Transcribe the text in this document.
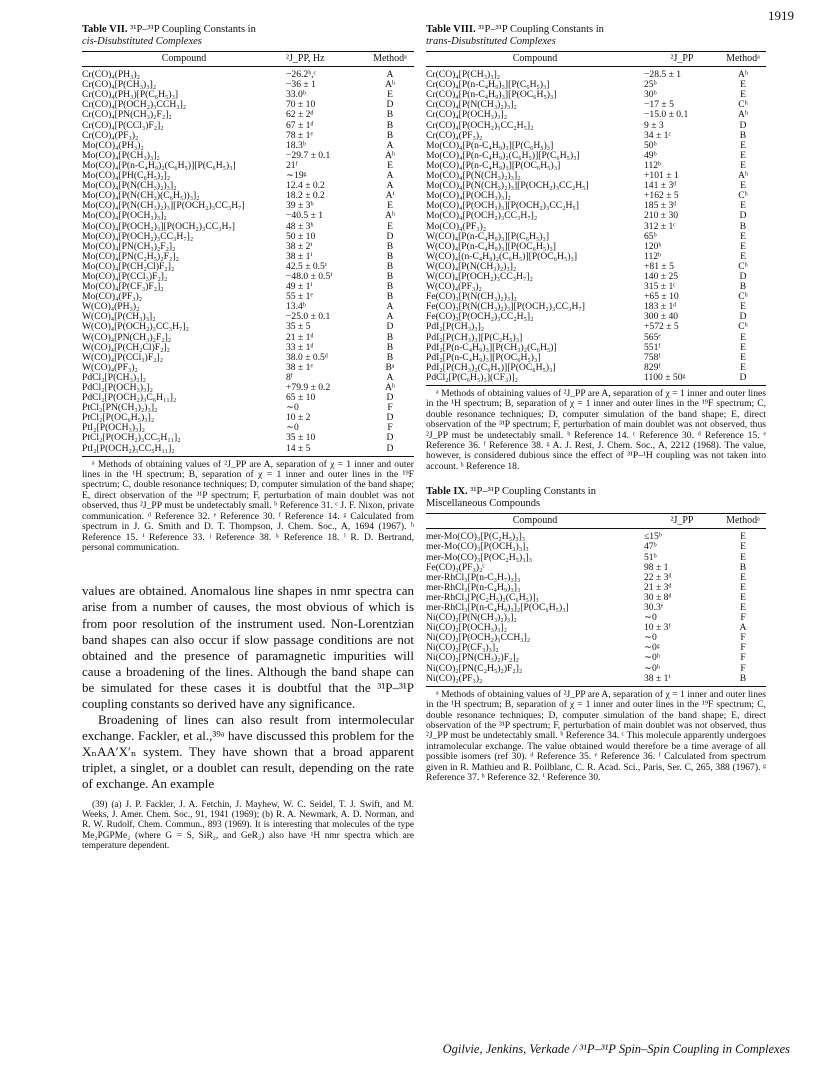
1919
Table VII. ³¹P–³¹P Coupling Constants in
cis-Disubstituted Complexes
Compound	²J_PP, Hz	Methodᵃ
Cr(CO)₄(PH₃)₂	−26.2ᵇ,ᶜ	A
Cr(CO)₄[P(CH₃)₃]₂	−36 ± 1	Aʰ
Cr(CO)₄(PH₃)[P(C₆H₅)₃]	33.0ᵇ	E
Cr(CO)₄[P(OCH₂)₃CCH₃]₂	70 ± 10	D
Cr(CO)₄[PN(CH₃)₂F₂]₂	62 ± 2ᵈ	B
Cr(CO)₄[P(CCl₃)F₂]₂	67 ± 1ᵈ	B
Cr(CO)₄(PF₃)₂	78 ± 1ᵉ	B
Mo(CO)₄(PH₃)₂	18.3ᵇ	A
Mo(CO)₄[P(CH₃)₃]₂	−29.7 ± 0.1	Aʰ
Mo(CO)₄[P(n-C₄H₉)₂(C₆H₅)][P(C₆H₅)₃]	21ᶠ	E
Mo(CO)₄[PH(C₆H₅)₂]₂	∼19ᵍ	A
Mo(CO)₄[P(N(CH₃)₂)₃]₂	12.4 ± 0.2	A
Mo(CO)₄[P(N(CH₃)(C₆H₅))₃]₂	18.2 ± 0.2	Aⁱ
Mo(CO)₄[P(N(CH₃)₂)₃][P(OCH₂)₃CC₃H₇]	39 ± 3ᵇ	E
Mo(CO)₄[P(OCH₃)₃]₂	−40.5 ± 1	Aʰ
Mo(CO)₄[P(OCH₂)₃][P(OCH₂)₃CC₃H₇]	48 ± 3ᵇ	E
Mo(CO)₄[P(OCH₂)₃CC₃H₇]₂	50 ± 10	D
Mo(CO)₄[PN(CH₃)₂F₂]₂	38 ± 2ⁱ	B
Mo(CO)₄[PN(C₂H₅)₂F₂]₂	38 ± 1ⁱ	B
Mo(CO)₄[P(CH₂Cl)F₂]₂	42.5 ± 0.5ⁱ	B
Mo(CO)₄[P(CCl₃)F₂]₂	−48.0 ± 0.5ⁱ	B
Mo(CO)₄[P(CF₃)F₂]₂	49 ± 1ⁱ	B
Mo(CO)₄(PF₃)₂	55 ± 1ᵉ	B
W(CO)₄(PH₃)₂	13.4ᵇ	A
W(CO)₄[P(CH₃)₃]₂	−25.0 ± 0.1	A
W(CO)₄[P(OCH₂)₃CC₃H₇]₂	35 ± 5	D
W(CO)₄[PN(CH₃)₂F₂]₂	21 ± 1ᵈ	B
W(CO)₄[P(CH₂Cl)F₂]₂	33 ± 1ᵈ	B
W(CO)₄[P(CCl₃)F₂]₂	38.0 ± 0.5ᵈ	B
W(CO)₄(PF₃)₂	38 ± 1ᵉ	Bᵃ
PdCl₂[P(CH₃)₃]₂	8ᶠ	A
PdCl₂[P(OCH₃)₃]₂	+79.9 ± 0.2	Aʰ
PdCl₂[P(OCH₂)₃C₆H₁₁]₂	65 ± 10	D
PtCl₂[PN(CH₃)₂)₃]₂	∼0	F
PtCl₂[P(OC₆H₅)₃]₂	10 ± 2	D
PtI₂[P(OCH₃)₃]₂	∼0	F
PtCl₂[P(OCH₂)₃CC₅H₁₁]₂	35 ± 10	D
PtI₂[P(OCH₂)₃CC₅H₁₁]₂	14 ± 5	D
ᵃ Methods of obtaining values of ²J_PP are A, separation of χ = 1 inner and outer lines in the ¹H spectrum; B, separation of χ = 1 inner and outer lines in the ¹⁹F spectrum; C, double resonance techniques; D, computer simulation of the band shape; E, direct observation of the ³¹P spectrum; F, perturbation of main doublet was not observed, thus ²J_PP must be undetectably small. ᵇ Reference 31. ᶜ J. F. Nixon, private communication. ᵈ Reference 32. ᵉ Reference 30. ᶠ Reference 14. ᵍ Calculated from spectrum in J. G. Smith and D. T. Thompson, J. Chem. Soc., A, 1694 (1967). ʰ Reference 15. ⁱ Reference 33. ʲ Reference 38. ᵏ Reference 18. ˡ R. D. Bertrand, personal communication.

values are obtained. Anomalous line shapes in nmr spectra can arise from a number of causes, the most obvious of which is from poor resolution of the instrument used. Non-Lorentzian band shapes can also occur if slow passage conditions are not obtained and the presence of paramagnetic impurities will cause a broadening of the lines. Although the band shape can be simulated for these cases it is doubtful that the ³¹P–³¹P coupling constants so derived have any significance.

Broadening of lines can also result from intermolecular exchange. Fackler, et al.,³⁹ᵃ have discussed this problem for the XₙAA′X′ₙ system. They have shown that a broad apparent triplet, a singlet, or a doublet can result, depending on the rate of exchange. An example

(39) (a) J. P. Fackler, J. A. Fetchin, J. Mayhew, W. C. Seidel, T. J. Swift, and M. Weeks, J. Amer. Chem. Soc., 91, 1941 (1969); (b) R. A. Newmark, A. D. Norman, and R. W. Rudolf, Chem. Commun., 893 (1969). It is interesting that molecules of the type Me₂PGPMe₂ (where G = S, SiR₂, and GeR₂) also have ¹H nmr spectra which are temperature dependent.
Table VIII. ³¹P–³¹P Coupling Constants in
trans-Disubstituted Complexes
Compound	²J_PP	Methodᵃ
Cr(CO)₄[P(CH₃)₃]₂	−28.5 ± 1	Aʰ
Cr(CO)₄[P(n-C₄H₉)₃][P(C₆H₅)₃]	25ᵇ	E
Cr(CO)₄[P(n-C₄H₉)₃][P(OC₆H₅)₃]	30ᵇ	E
Cr(CO)₄[P(N(CH₃)₂)₃]₂	−17 ± 5	Cʰ
Cr(CO)₄[P(OCH₃)₃]₂	−15.0 ± 0.1	Aʰ
Cr(CO)₄[P(OCH₂)₃CC₂H₅]₂	9 ± 3	D
Cr(CO)₄(PF₃)₂	34 ± 1ᶜ	B
Mo(CO)₄[P(n-C₄H₉)₃][P(C₆H₅)₃]	50ᵇ	E
Mo(CO)₄[P(n-C₄H₉)₂(C₆H₅)][P(C₆H₅)₃]	49ᵇ	E
Mo(CO)₄[P(n-C₄H₉)₃][P(OC₆H₅)₃]	112ᵇ	E
Mo(CO)₄[P(N(CH₃)₂)₃]₂	+101 ± 1	Aʰ
Mo(CO)₄[P(N(CH₃)₂)₃][P(OCH₂)₃CC₂H₅]	141 ± 3ᵈ	E
Mo(CO)₄[P(OCH₃)₃]₂	+162 ± 5	Cʰ
Mo(CO)₄[P(OCH₃)₃][P(OCH₂)₃CC₂H₅]	185 ± 3ᵈ	E
Mo(CO)₄[P(OCH₂)₃CC₃H₇]₂	210 ± 30	D
Mo(CO)₄(PF₃)₂	312 ± 1ᶜ	B
W(CO)₄[P(n-C₄H₉)₃][P(C₆H₅)₃]	65ᵇ	E
W(CO)₄[P(n-C₄H₉)₃][P(OC₆H₅)₃]	120ᵇ	E
W(CO)₄[(n-C₄H₉)₂(C₆H₅)][P(OC₆H₅)₃]	112ᵇ	E
W(CO)₄[P(N(CH₃)₂)₃]₂	+81 ± 5	Cʰ
W(CO)₄[P(OCH₂)₃CC₃H₇]₂	140 ± 25	D
W(CO)₄(PF₃)₂	315 ± 1ᶜ	B
Fe(CO)₃[P(N(CH₃)₂)₃]₂	+65 ± 10	Cʰ
Fe(CO)₃[P(N(CH₃)₂)₃][P(OCH₂)₃CC₃H₇]	183 ± 1ᵈ	E
Fe(CO)₃[P(OCH₂)₃CC₂H₅]₂	300 ± 40	D
PdI₂[P(CH₃)₃]₂	+572 ± 5	Cʰ
PdI₂[P(CH₃)₃][P(C₂H₅)₃]	565ᵉ	E
PdI₂[P(n-C₄H₉)₃][P(CH₃)₂(C₆H₅)]	551ᶠ	E
PdI₂[P(n-C₄H₉)₃][P(OC₆H₅)₃]	758ᶠ	E
PdI₂[P(CH₃)₂(C₆H₅)][P(OC₆H₅)₃]	829ᶠ	E
PdCl₂[P(C₆H₅)₃](CF₃)]₂	1100 ± 50ᵍ	D
ᵃ Methods of obtaining values of ²J_PP are A, separation of χ = 1 inner and outer lines in the ¹H spectrum; B, separation of χ = 1 inner and outer lines in the ¹⁹F spectrum; C, double resonance techniques; D, computer simulation of the band shape; E, direct observation of the ³¹P spectrum; F, perturbation of main doublet was not observed, thus ²J_PP must be undetectably small. ᵇ Reference 14. ᶜ Reference 30. ᵈ Reference 15. ᵉ Reference 36. ᶠ Reference 38. ᵍ A. J. Rest, J. Chem. Soc., A, 2212 (1968). The value, however, is considered dubious since the effect of ³¹P–¹H coupling was not taken into account. ʰ Reference 18.
Table IX. ³¹P–³¹P Coupling Constants in
Miscellaneous Compounds
Compound	²J_PP	Methodᵃ
mer-Mo(CO)₃[P(C₂H₅)₃]₃	≤15ᵇ	E
mer-Mo(CO)₃[P(OCH₃)₃]₃	47ᵇ	E
mer-Mo(CO)₃[P(OC₂H₅)₃]₃	51ᵇ	E
Fe(CO)₃(PF₃)₂ᶜ	98 ± 1	B
mer-RhCl₃[P(n-C₃H₇)₃]₃	22 ± 3ᵈ	E
mer-RhCl₃[P(n-C₄H₉)₃]₃	21 ± 3ᵈ	E
mer-RhCl₃[P(C₂H₅)₂(C₆H₅)]₃	30 ± 8ᵈ	E
mer-RhCl₃[P(n-C₄H₉)₃]₂[P(OC₆H₅)₃]	30.3ᵉ	E
Ni(CO)₂[P(N(CH₃)₂)₃]₂	∼0	F
Ni(CO)₂[P(OCH₃)₃]₂	10 ± 3ᶠ	A
Ni(CO)₂[P(OCH₂)₃CCH₃]₂	∼0	F
Ni(CO)₂[P(CF₃)₃]₂	∼0ᵍ	F
Ni(CO)₂[PN(CH₃)₂)F₂]₂	∼0ʰ	F
Ni(CO)₂[PN(C₂H₅)₂)F₂]₂	∼0ʰ	F
Ni(CO)₂(PF₃)₂	38 ± 1ⁱ	B
ᵃ Methods of obtaining values of ²J_PP are A, separation of χ = 1 inner and outer lines in the ¹H spectrum; B, separation of χ = 1 inner and outer lines in the ¹⁹F spectrum; C, double resonance techniques; D, computer simulation of the band shape; E, direct observation of the ³¹P spectrum; F, perturbation of main doublet was not observed, thus ²J_PP must be undetectably small. ᵇ Reference 34. ᶜ This molecule apparently undergoes intramolecular exchange. The value obtained would therefore be a time average of all possible isomers (ref 30). ᵈ Reference 35. ᵉ Reference 36. ᶠ Calculated from spectrum given in R. Mathieu and R. Poilblanc, C. R. Acad. Sci., Paris, Ser. C, 265, 388 (1967). ᵍ Reference 37. ʰ Reference 32. ⁱ Reference 30.
Ogilvie, Jenkins, Verkade / ³¹P–³¹P Spin–Spin Coupling in Complexes
